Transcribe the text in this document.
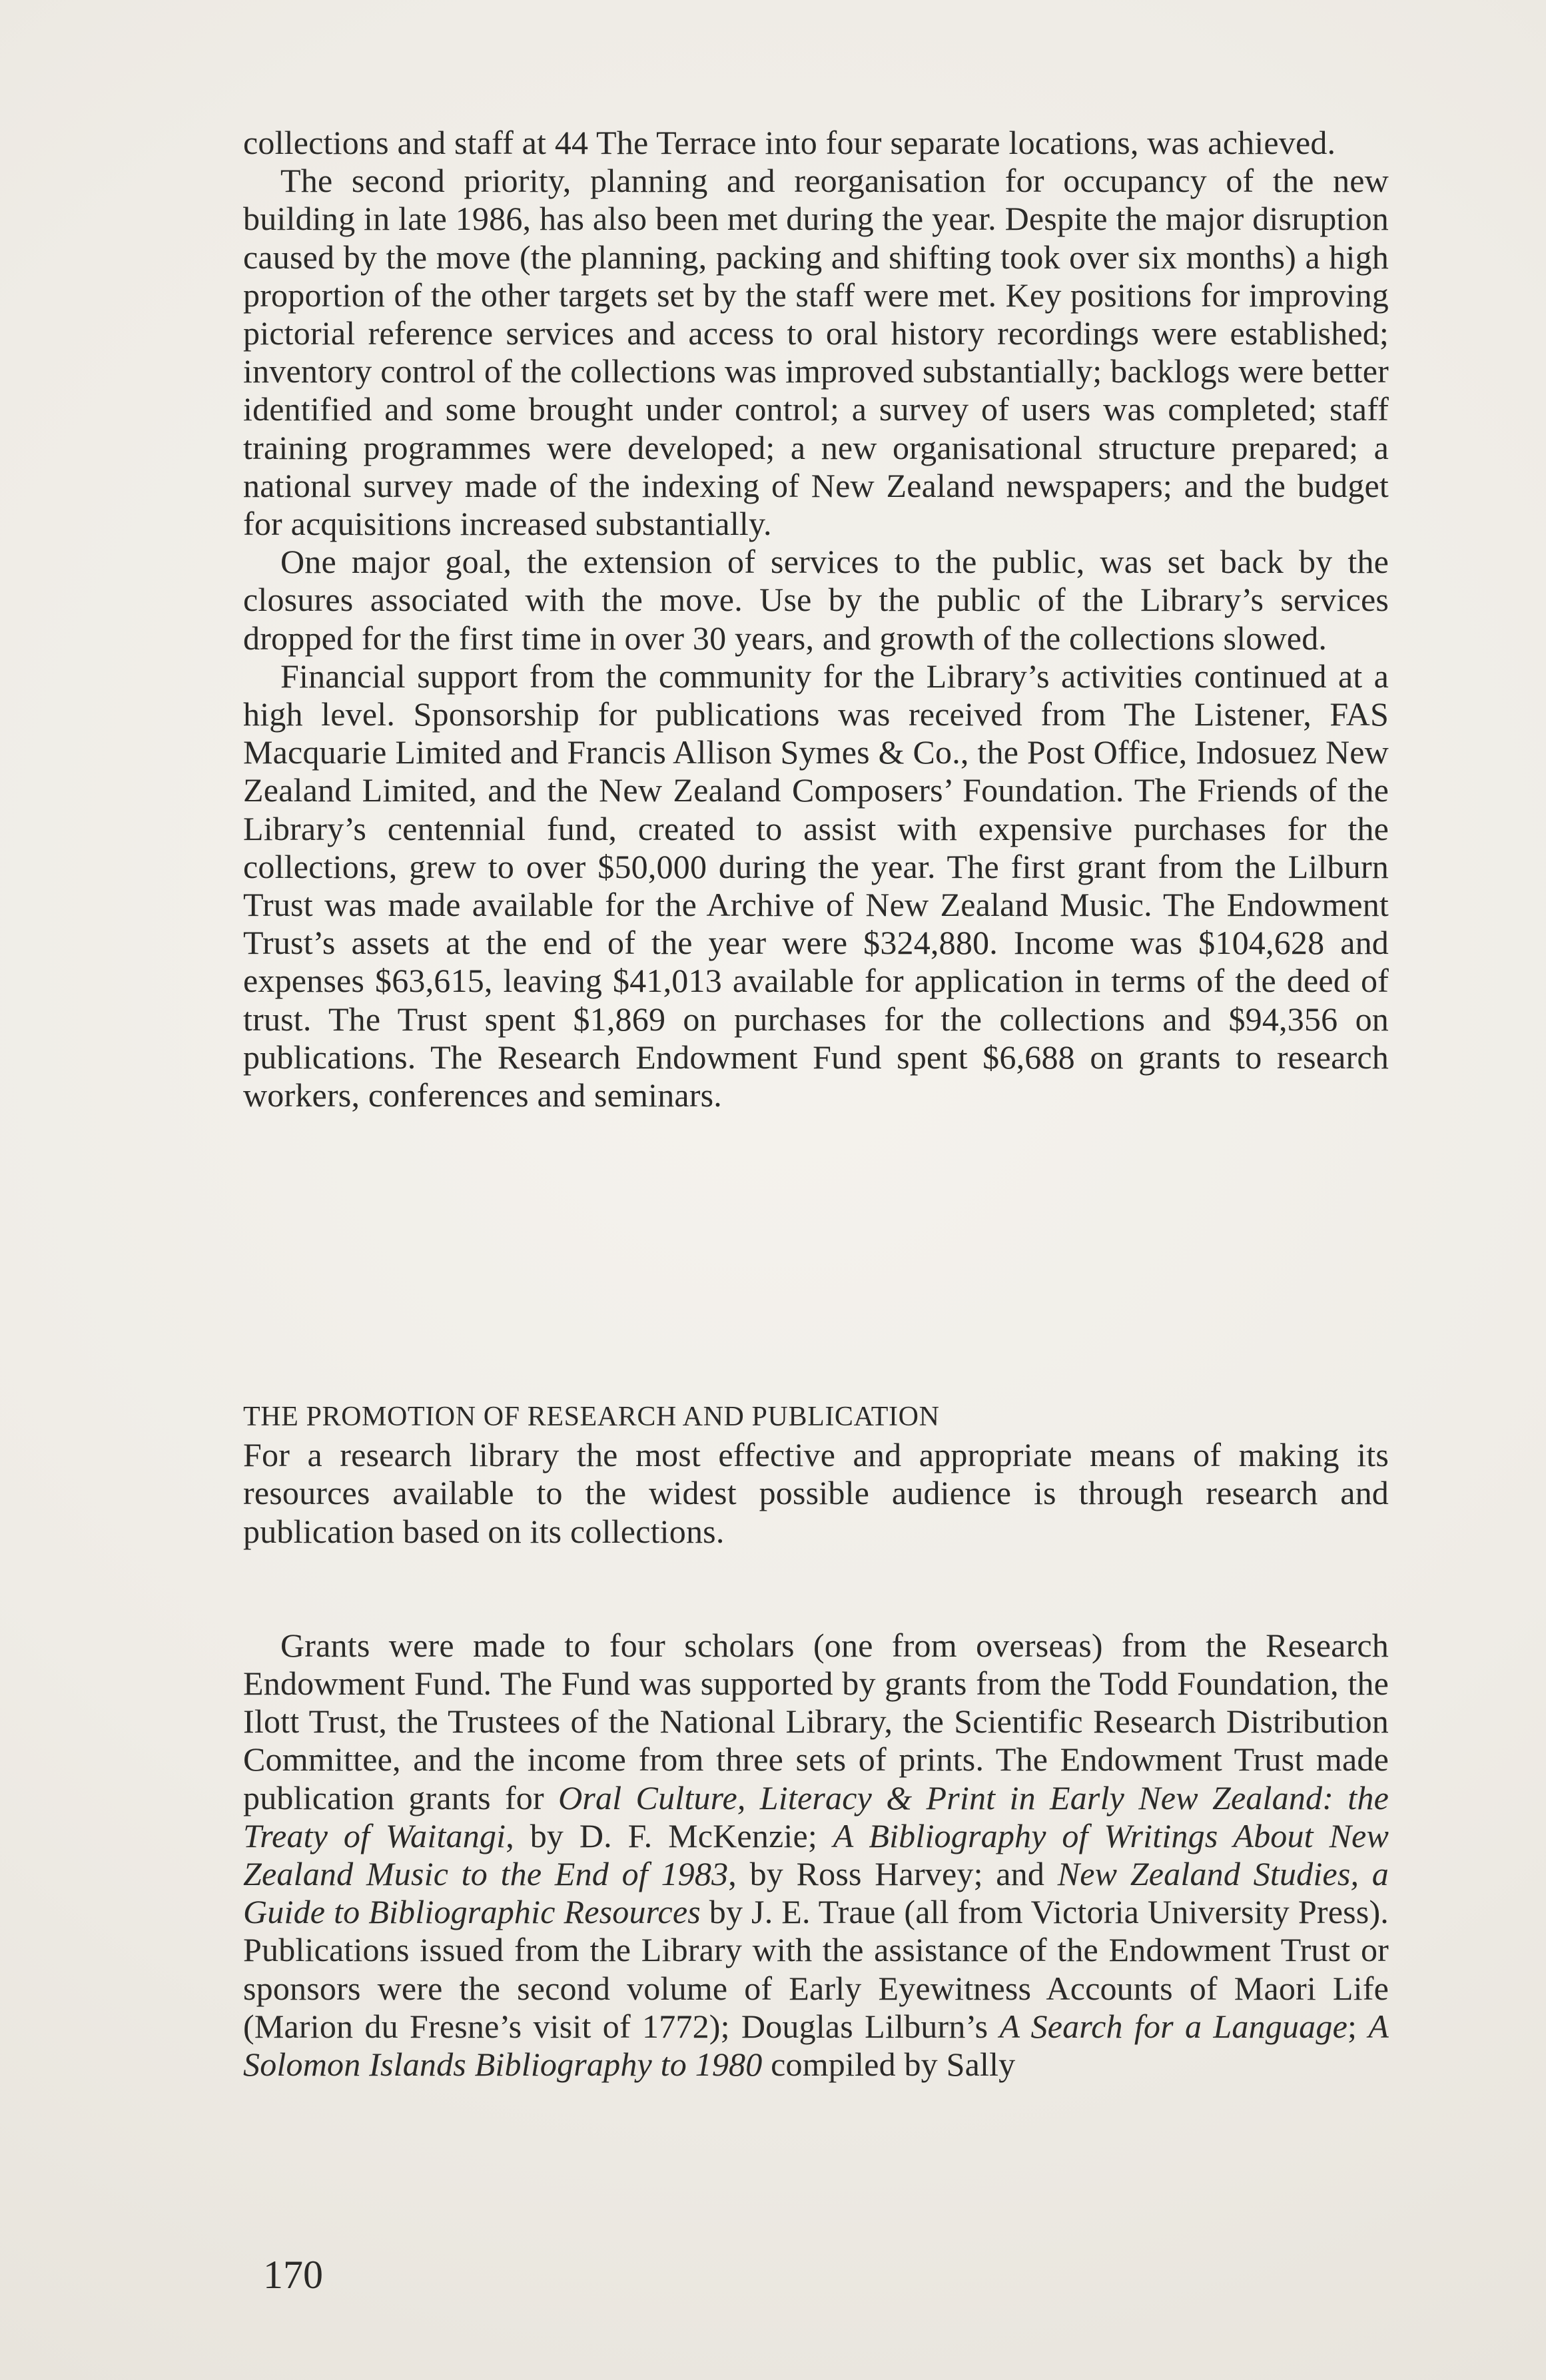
collections and staff at 44 The Terrace into four separate locations, was achieved.

The second priority, planning and reorganisation for occupancy of the new building in late 1986, has also been met during the year. Despite the major disruption caused by the move (the planning, packing and shifting took over six months) a high proportion of the other targets set by the staff were met. Key positions for improving pictorial reference services and access to oral history recordings were established; inventory control of the collections was improved substantially; backlogs were better identified and some brought under control; a survey of users was completed; staff training programmes were developed; a new organisational structure prepared; a national survey made of the indexing of New Zealand newspapers; and the budget for acquisitions increased substantially.

One major goal, the extension of services to the public, was set back by the closures associated with the move. Use by the public of the Library’s services dropped for the first time in over 30 years, and growth of the collections slowed.

Financial support from the community for the Library’s activities continued at a high level. Sponsorship for publications was received from The Listener, FAS Macquarie Limited and Francis Allison Symes & Co., the Post Office, Indosuez New Zealand Limited, and the New Zealand Composers’ Foundation. The Friends of the Library’s centennial fund, created to assist with expensive purchases for the collections, grew to over $50,000 during the year. The first grant from the Lilburn Trust was made available for the Archive of New Zealand Music. The Endowment Trust’s assets at the end of the year were $324,880. Income was $104,628 and expenses $63,615, leaving $41,013 available for application in terms of the deed of trust. The Trust spent $1,869 on purchases for the collections and $94,356 on publications. The Research Endowment Fund spent $6,688 on grants to research workers, conferences and seminars.

THE PROMOTION OF RESEARCH AND PUBLICATION

For a research library the most effective and appropriate means of making its resources available to the widest possible audience is through research and publication based on its collections.

Grants were made to four scholars (one from overseas) from the Research Endowment Fund. The Fund was supported by grants from the Todd Foundation, the Ilott Trust, the Trustees of the National Library, the Scientific Research Distribution Committee, and the income from three sets of prints. The Endowment Trust made publication grants for Oral Culture, Literacy & Print in Early New Zealand: the Treaty of Waitangi, by D. F. McKenzie; A Bibliography of Writings About New Zealand Music to the End of 1983, by Ross Harvey; and New Zealand Studies, a Guide to Bibliographic Resources by J. E. Traue (all from Victoria University Press). Publications issued from the Library with the assistance of the Endowment Trust or sponsors were the second volume of Early Eyewitness Accounts of Maori Life (Marion du Fresne’s visit of 1772); Douglas Lilburn’s A Search for a Language; A Solomon Islands Bibliography to 1980 compiled by Sally

170
